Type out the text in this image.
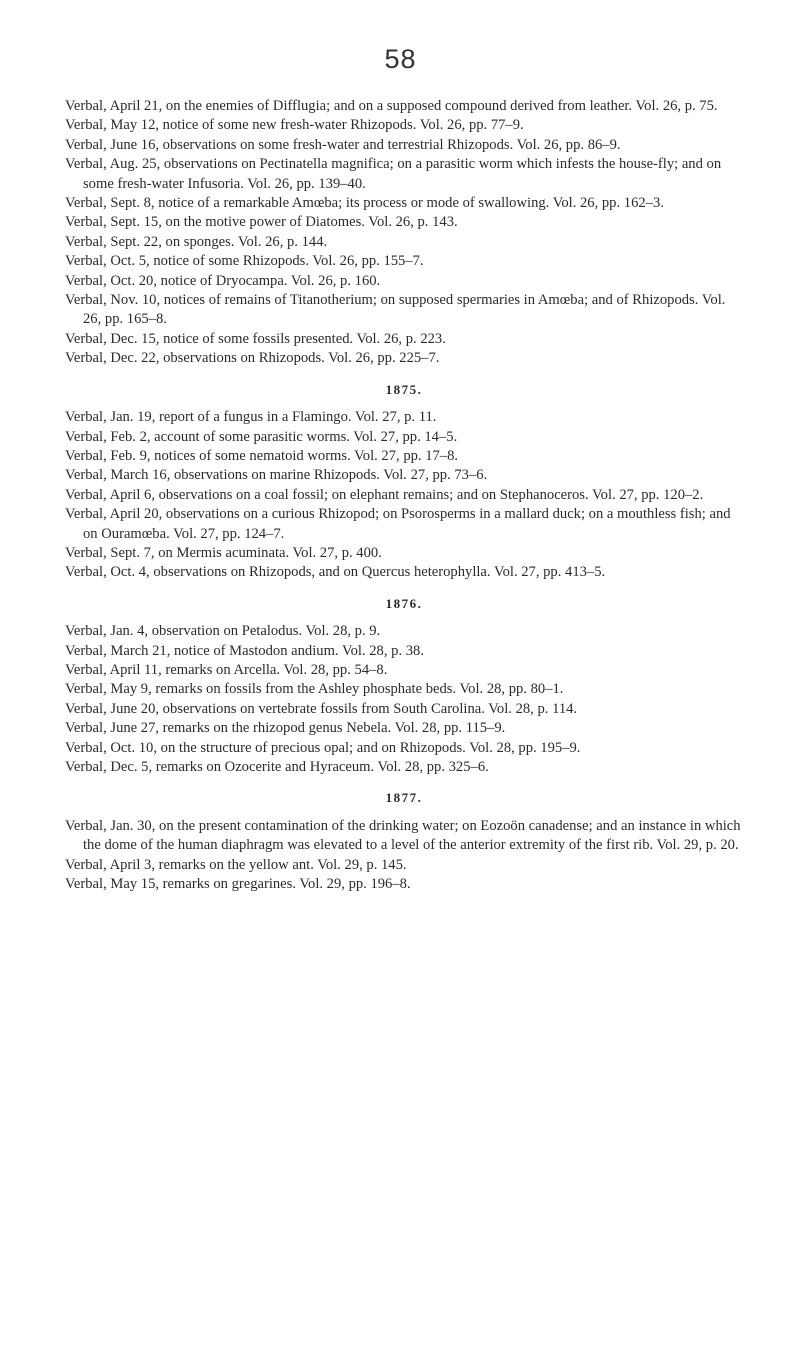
58

Verbal, April 21, on the enemies of Difflugia; and on a supposed compound derived from leather. Vol. 26, p. 75.

Verbal, May 12, notice of some new fresh-water Rhizopods. Vol. 26, pp. 77–9.

Verbal, June 16, observations on some fresh-water and terrestrial Rhizopods. Vol. 26, pp. 86–9.

Verbal, Aug. 25, observations on Pectinatella magnifica; on a parasitic worm which infests the house-fly; and on some fresh-water Infusoria. Vol. 26, pp. 139–40.

Verbal, Sept. 8, notice of a remarkable Amœba; its process or mode of swallowing. Vol. 26, pp. 162–3.

Verbal, Sept. 15, on the motive power of Diatomes. Vol. 26, p. 143.

Verbal, Sept. 22, on sponges. Vol. 26, p. 144.

Verbal, Oct. 5, notice of some Rhizopods. Vol. 26, pp. 155–7.

Verbal, Oct. 20, notice of Dryocampa. Vol. 26, p. 160.

Verbal, Nov. 10, notices of remains of Titanotherium; on supposed spermaries in Amœba; and of Rhizopods. Vol. 26, pp. 165–8.

Verbal, Dec. 15, notice of some fossils presented. Vol. 26, p. 223.

Verbal, Dec. 22, observations on Rhizopods. Vol. 26, pp. 225–7.

1875.

Verbal, Jan. 19, report of a fungus in a Flamingo. Vol. 27, p. 11.

Verbal, Feb. 2, account of some parasitic worms. Vol. 27, pp. 14–5.

Verbal, Feb. 9, notices of some nematoid worms. Vol. 27, pp. 17–8.

Verbal, March 16, observations on marine Rhizopods. Vol. 27, pp. 73–6.

Verbal, April 6, observations on a coal fossil; on elephant remains; and on Stephanoceros. Vol. 27, pp. 120–2.

Verbal, April 20, observations on a curious Rhizopod; on Psorosperms in a mallard duck; on a mouthless fish; and on Ouramœba. Vol. 27, pp. 124–7.

Verbal, Sept. 7, on Mermis acuminata. Vol. 27, p. 400.

Verbal, Oct. 4, observations on Rhizopods, and on Quercus heterophylla. Vol. 27, pp. 413–5.

1876.

Verbal, Jan. 4, observation on Petalodus. Vol. 28, p. 9.

Verbal, March 21, notice of Mastodon andium. Vol. 28, p. 38.

Verbal, April 11, remarks on Arcella. Vol. 28, pp. 54–8.

Verbal, May 9, remarks on fossils from the Ashley phosphate beds. Vol. 28, pp. 80–1.

Verbal, June 20, observations on vertebrate fossils from South Carolina. Vol. 28, p. 114.

Verbal, June 27, remarks on the rhizopod genus Nebela. Vol. 28, pp. 115–9.

Verbal, Oct. 10, on the structure of precious opal; and on Rhizopods. Vol. 28, pp. 195–9.

Verbal, Dec. 5, remarks on Ozocerite and Hyraceum. Vol. 28, pp. 325–6.

1877.

Verbal, Jan. 30, on the present contamination of the drinking water; on Eozoön canadense; and an instance in which the dome of the human diaphragm was elevated to a level of the anterior extremity of the first rib. Vol. 29, p. 20.

Verbal, April 3, remarks on the yellow ant. Vol. 29, p. 145.

Verbal, May 15, remarks on gregarines. Vol. 29, pp. 196–8.
